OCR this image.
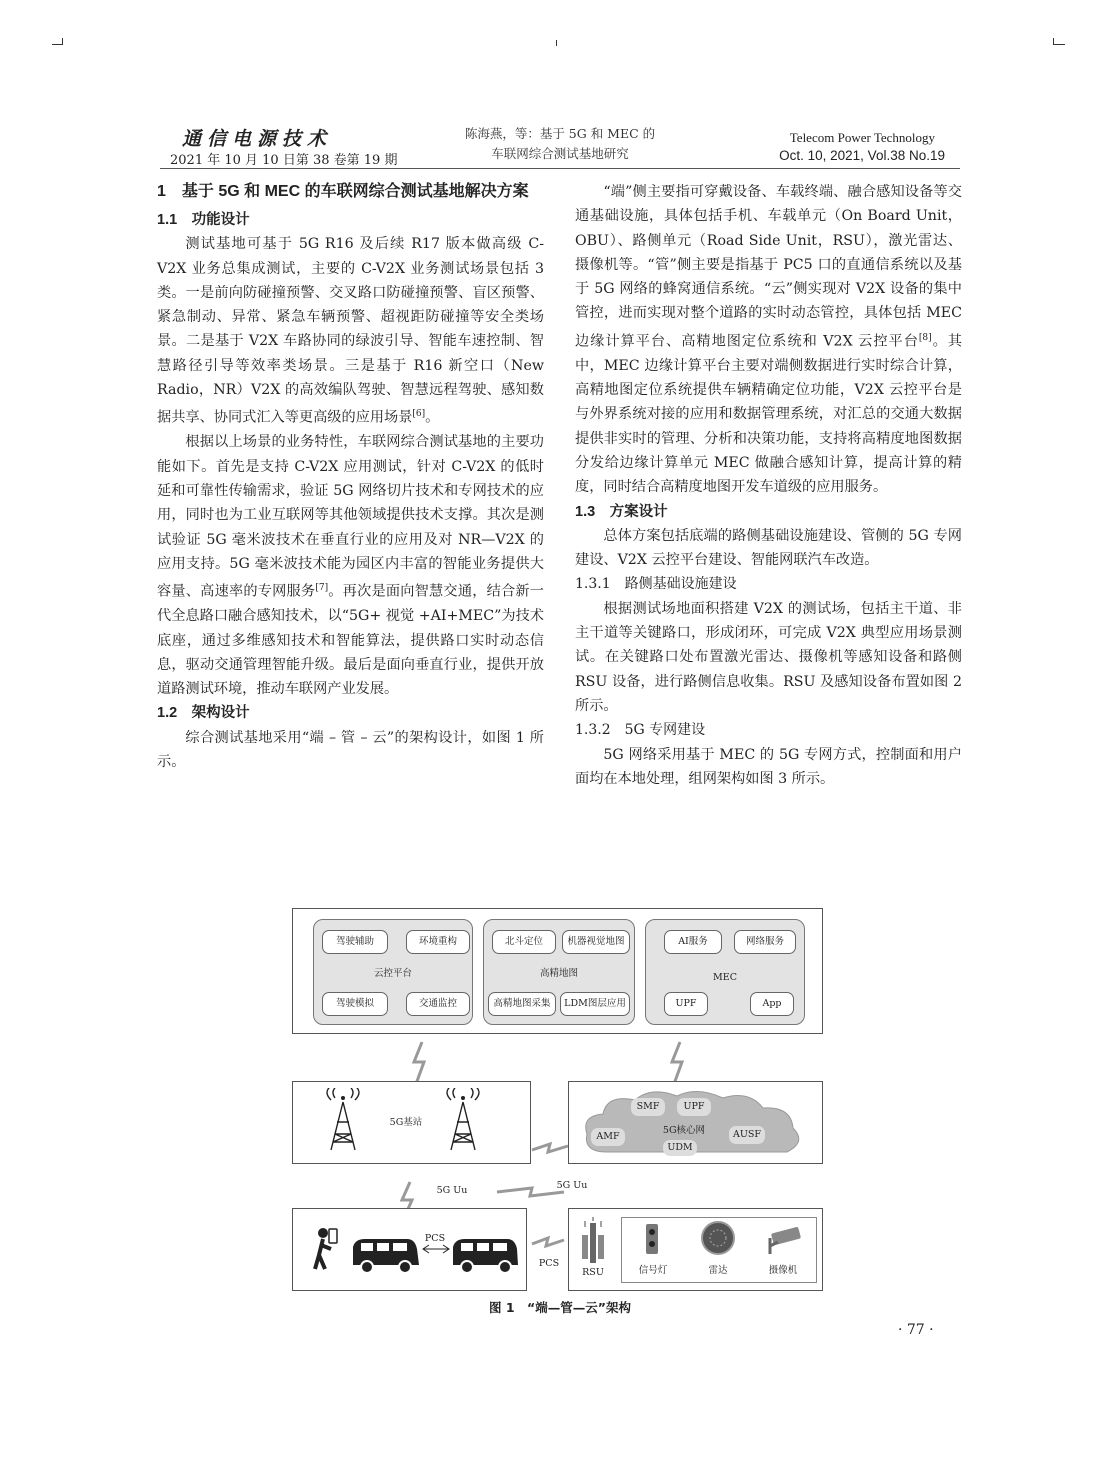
通信电源技术
2021 年 10 月 10 日第 38 卷第 19 期
陈海燕，等：基于 5G 和 MEC 的
车联网综合测试基地研究
Telecom Power Technology
Oct. 10, 2021, Vol.38 No.19
1　基于 5G 和 MEC 的车联网综合测试基地解决方案
1.1　功能设计

测试基地可基于 5G R16 及后续 R17 版本做高级 C-V2X 业务总集成测试，主要的 C-V2X 业务测试场景包括 3 类。一是前向防碰撞预警、交叉路口防碰撞预警、盲区预警、紧急制动、异常、紧急车辆预警、超视距防碰撞等安全类场景。二是基于 V2X 车路协同的绿波引导、智能车速控制、智慧路径引导等效率类场景。三是基于 R16 新空口（New Radio，NR）V2X 的高效编队驾驶、智慧远程驾驶、感知数据共享、协同式汇入等更高级的应用场景[6]。

根据以上场景的业务特性，车联网综合测试基地的主要功能如下。首先是支持 C-V2X 应用测试，针对 C-V2X 的低时延和可靠性传输需求，验证 5G 网络切片技术和专网技术的应用，同时也为工业互联网等其他领域提供技术支撑。其次是测试验证 5G 毫米波技术在垂直行业的应用及对 NR—V2X 的应用支持。5G 毫米波技术能为园区内丰富的智能业务提供大容量、高速率的专网服务[7]。再次是面向智慧交通，结合新一代全息路口融合感知技术，以“5G+ 视觉 +AI+MEC”为技术底座，通过多维感知技术和智能算法，提供路口实时动态信息，驱动交通管理智能升级。最后是面向垂直行业，提供开放道路测试环境，推动车联网产业发展。

1.2　架构设计

综合测试基地采用“端 – 管 – 云”的架构设计，如图 1 所示。

“端”侧主要指可穿戴设备、车载终端、融合感知设备等交通基础设施，具体包括手机、车载单元（On Board Unit，OBU）、路侧单元（Road Side Unit，RSU），激光雷达、摄像机等。“管”侧主要是指基于 PC5 口的直通信系统以及基于 5G 网络的蜂窝通信系统。“云”侧实现对 V2X 设备的集中管控，进而实现对整个道路的实时动态管控，具体包括 MEC 边缘计算平台、高精地图定位系统和 V2X 云控平台[8]。其中，MEC 边缘计算平台主要对端侧数据进行实时综合计算，高精地图定位系统提供车辆精确定位功能，V2X 云控平台是与外界系统对接的应用和数据管理系统，对汇总的交通大数据提供非实时的管理、分析和决策功能，支持将高精度地图数据分发给边缘计算单元 MEC 做融合感知计算，提高计算的精度，同时结合高精度地图开发车道级的应用服务。

1.3　方案设计

总体方案包括底端的路侧基础设施建设、管侧的 5G 专网建设、V2X 云控平台建设、智能网联汽车改造。

1.3.1　路侧基础设施建设

根据测试场地面积搭建 V2X 的测试场，包括主干道、非主干道等关键路口，形成闭环，可完成 V2X 典型应用场景测试。在关键路口处布置激光雷达、摄像机等感知设备和路侧 RSU 设备，进行路侧信息收集。RSU 及感知设备布置如图 2 所示。

1.3.2　5G 专网建设

5G 网络采用基于 MEC 的 5G 专网方式，控制面和用户面均在本地处理，组网架构如图 3 所示。

驾驶辅助	环境重构
云控平台
驾驶模拟	交通监控
北斗定位	机器视觉地图
高精地图
高精地图采集	LDM图层应用
AI服务	网络服务
MEC
UPF	App
5G基站
SMF	UPF
5G核心网
AMF	AUSF
UDM
5G Uu	5G Uu
PCS
PCS
RSU	信号灯	雷达	摄像机
图 1　“端—管—云”架构
· 77 ·
